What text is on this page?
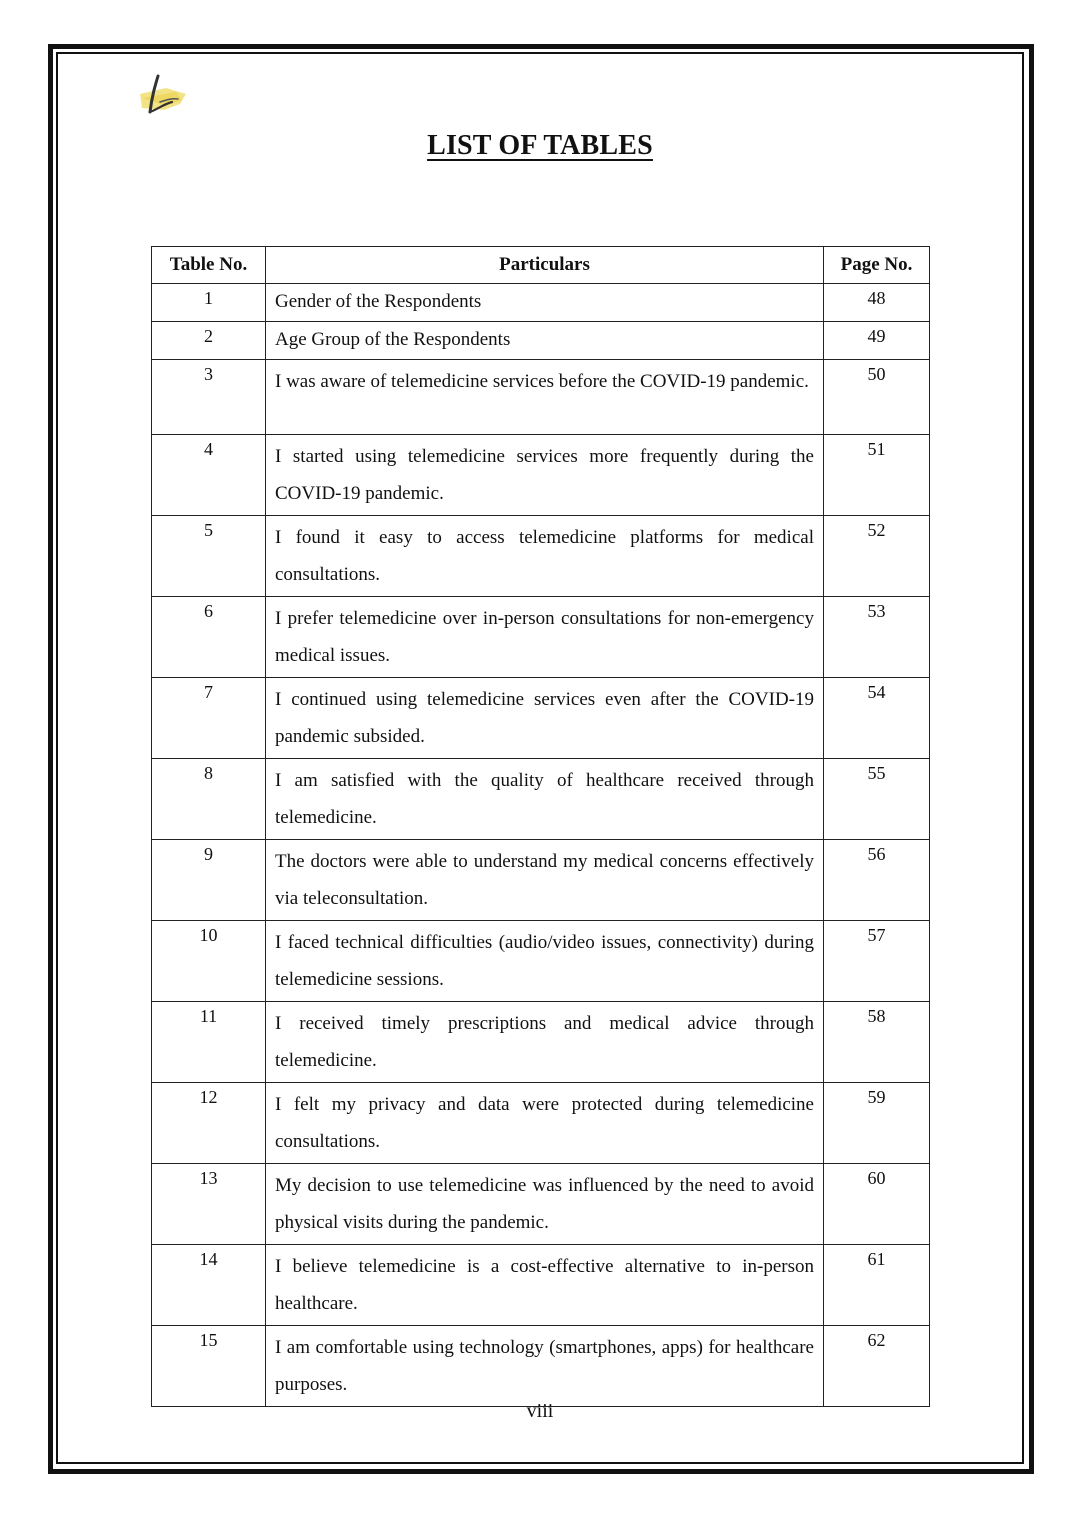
LIST OF TABLES
Table No.	Particulars	Page No.
1	Gender of the Respondents	48
2	Age Group of the Respondents	49
3	I was aware of telemedicine services before the COVID-19 pandemic.	50
4	I started using telemedicine services more frequently during the COVID-19 pandemic.	51
5	I found it easy to access telemedicine platforms for medical consultations.	52
6	I prefer telemedicine over in-person consultations for non-emergency medical issues.	53
7	I continued using telemedicine services even after the COVID-19 pandemic subsided.	54
8	I am satisfied with the quality of healthcare received through telemedicine.	55
9	The doctors were able to understand my medical concerns effectively via teleconsultation.	56
10	I faced technical difficulties (audio/video issues, connectivity) during telemedicine sessions.	57
11	I received timely prescriptions and medical advice through telemedicine.	58
12	I felt my privacy and data were protected during telemedicine consultations.	59
13	My decision to use telemedicine was influenced by the need to avoid physical visits during the pandemic.	60
14	I believe telemedicine is a cost-effective alternative to in-person healthcare.	61
15	I am comfortable using technology (smartphones, apps) for healthcare purposes.	62
viii
